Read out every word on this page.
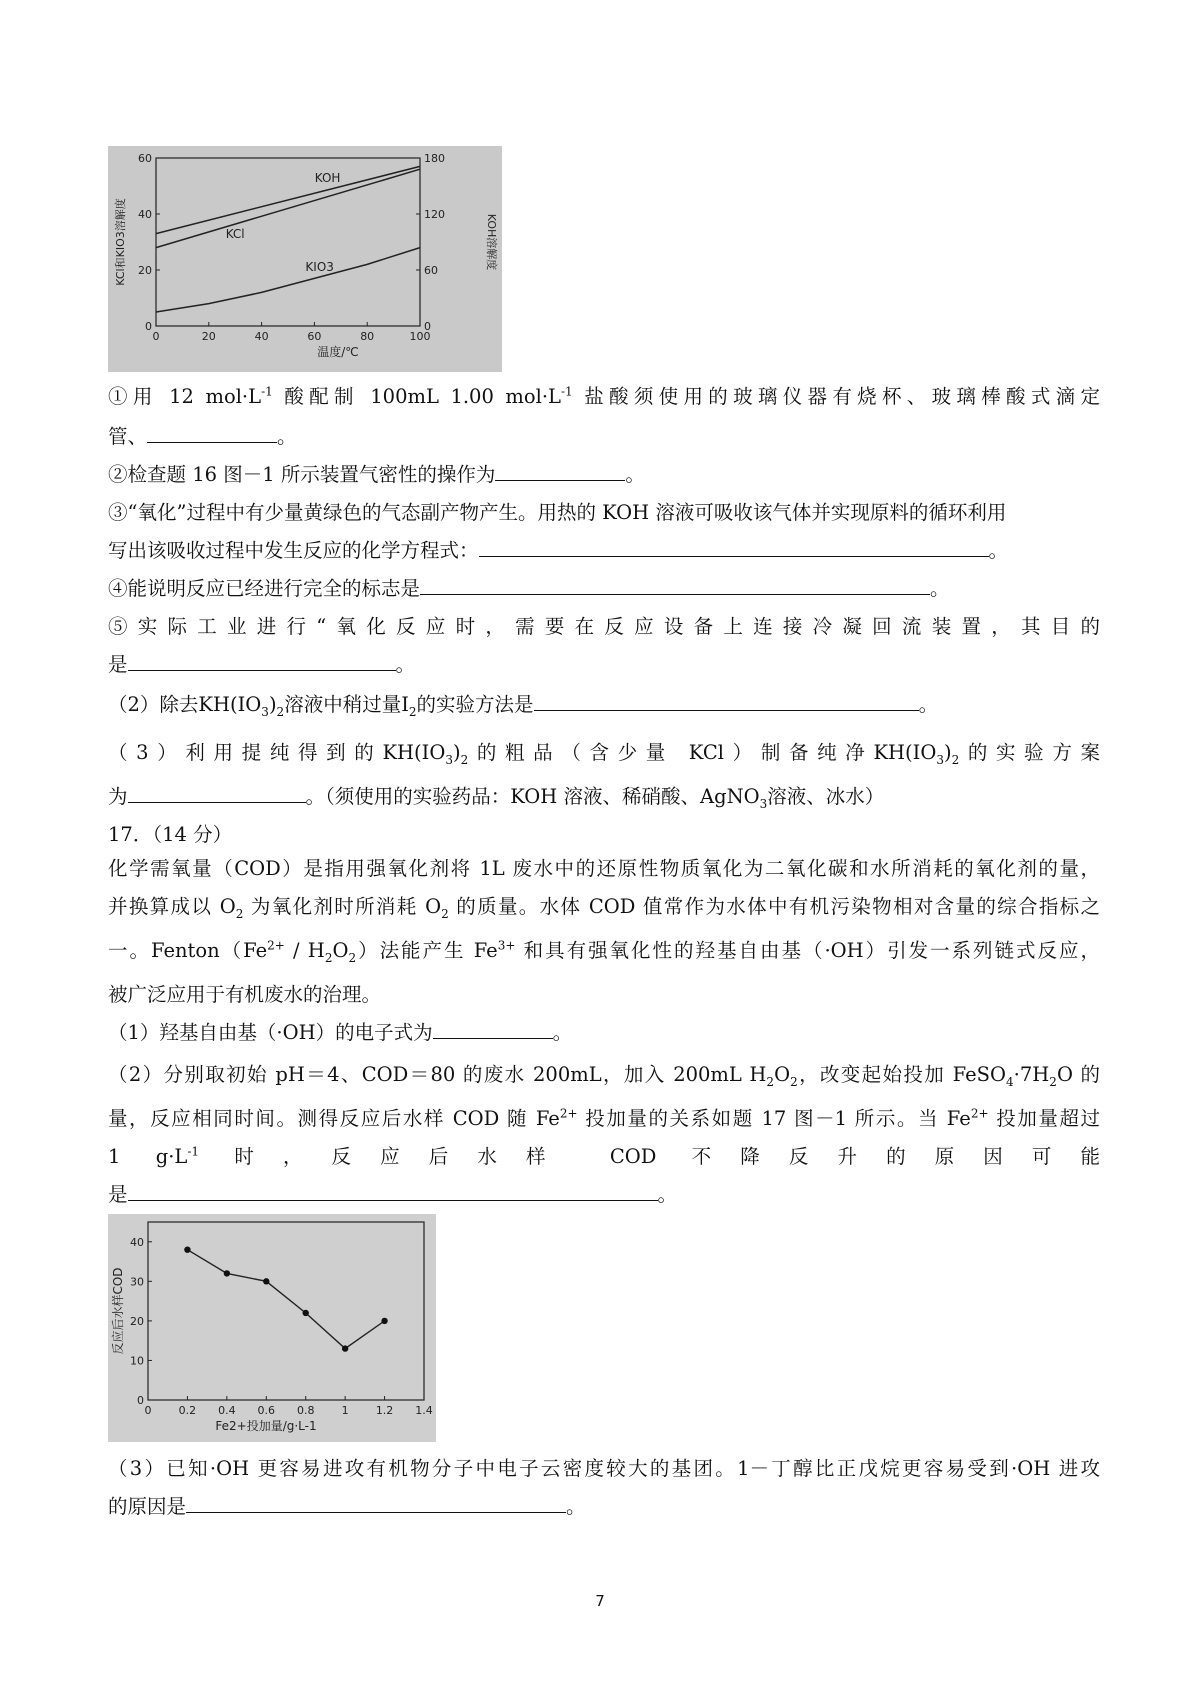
0	20	40	60	80	100
0
20
40
60
0
60
120
180
温度/℃
KCl和KIO3溶解度	KOH溶解度
KOH
KCl
KIO3
①用 12 $mol\cdot L^{-1}$ 酸配制 100mL 1.00 $mol\cdot L^{-1}$ 盐酸须使用的玻璃仪器有烧杯、玻璃棒酸式滴定
管、	。
②检查题 16 图－1 所示装置气密性的操作为	。
③“氧化”过程中有少量黄绿色的气态副产物产生。用热的 KOH 溶液可吸收该气体并实现原料的循环利用
写出该吸收过程中发生反应的化学方程式：	。
④能说明反应已经进行完全的标志是	。
⑤实际工业进行“氧化反应时，需要在反应设备上连接冷凝回流装置，其目的
是	。
（2）除去$KH(IO_3)_2$溶液中稍过量$I_2$的实验方法是	。
（3）利用提纯得到的$KH(IO_3)_2$的粗品（含少量 KCl）制备纯净$KH(IO_3)_2$的实验方案
为	。（须使用的实验药品：KOH 溶液、稀硝酸、AgNO$_3$溶液、冰水）
17．（14 分）
化学需氧量（COD）是指用强氧化剂将 1L 废水中的还原性物质氧化为二氧化碳和水所消耗的氧化剂的量，
并换算成以 $O_2$ 为氧化剂时所消耗 $O_2$ 的质量。水体 COD 值常作为水体中有机污染物相对含量的综合指标之
一。$Fenton(Fe^{2+} / H_2O_2)$法能产生 $Fe^{3+}$ 和具有强氧化性的羟基自由基（·OH）引发一系列链式反应，
被广泛应用于有机废水的治理。
（1）羟基自由基（·OH）的电子式为	。
（2）分别取初始 pH＝4、COD＝80 的废水 200mL，加入 200mL $H_2O_2$，改变起始投加 $FeSO_4\cdot 7H_2O$ 的
量，反应相同时间。测得反应后水样 COD 随 $Fe^{2+}$ 投加量的关系如题 17 图－1 所示。当 $Fe^{2+}$ 投加量超过
1 $g\cdot L^{-1}$ 时，反应后水样 COD 不降反升的原因可能
是	。
0 0.2 0.4 0.6 0.8 1 1.2 1.4
0
10
20
30
40
Fe2+投加量/g·L-1
反应后水样COD
（3）已知·OH 更容易进攻有机物分子中电子云密度较大的基团。1－丁醇比正戊烷更容易受到·OH 进攻
的原因是	。
7
